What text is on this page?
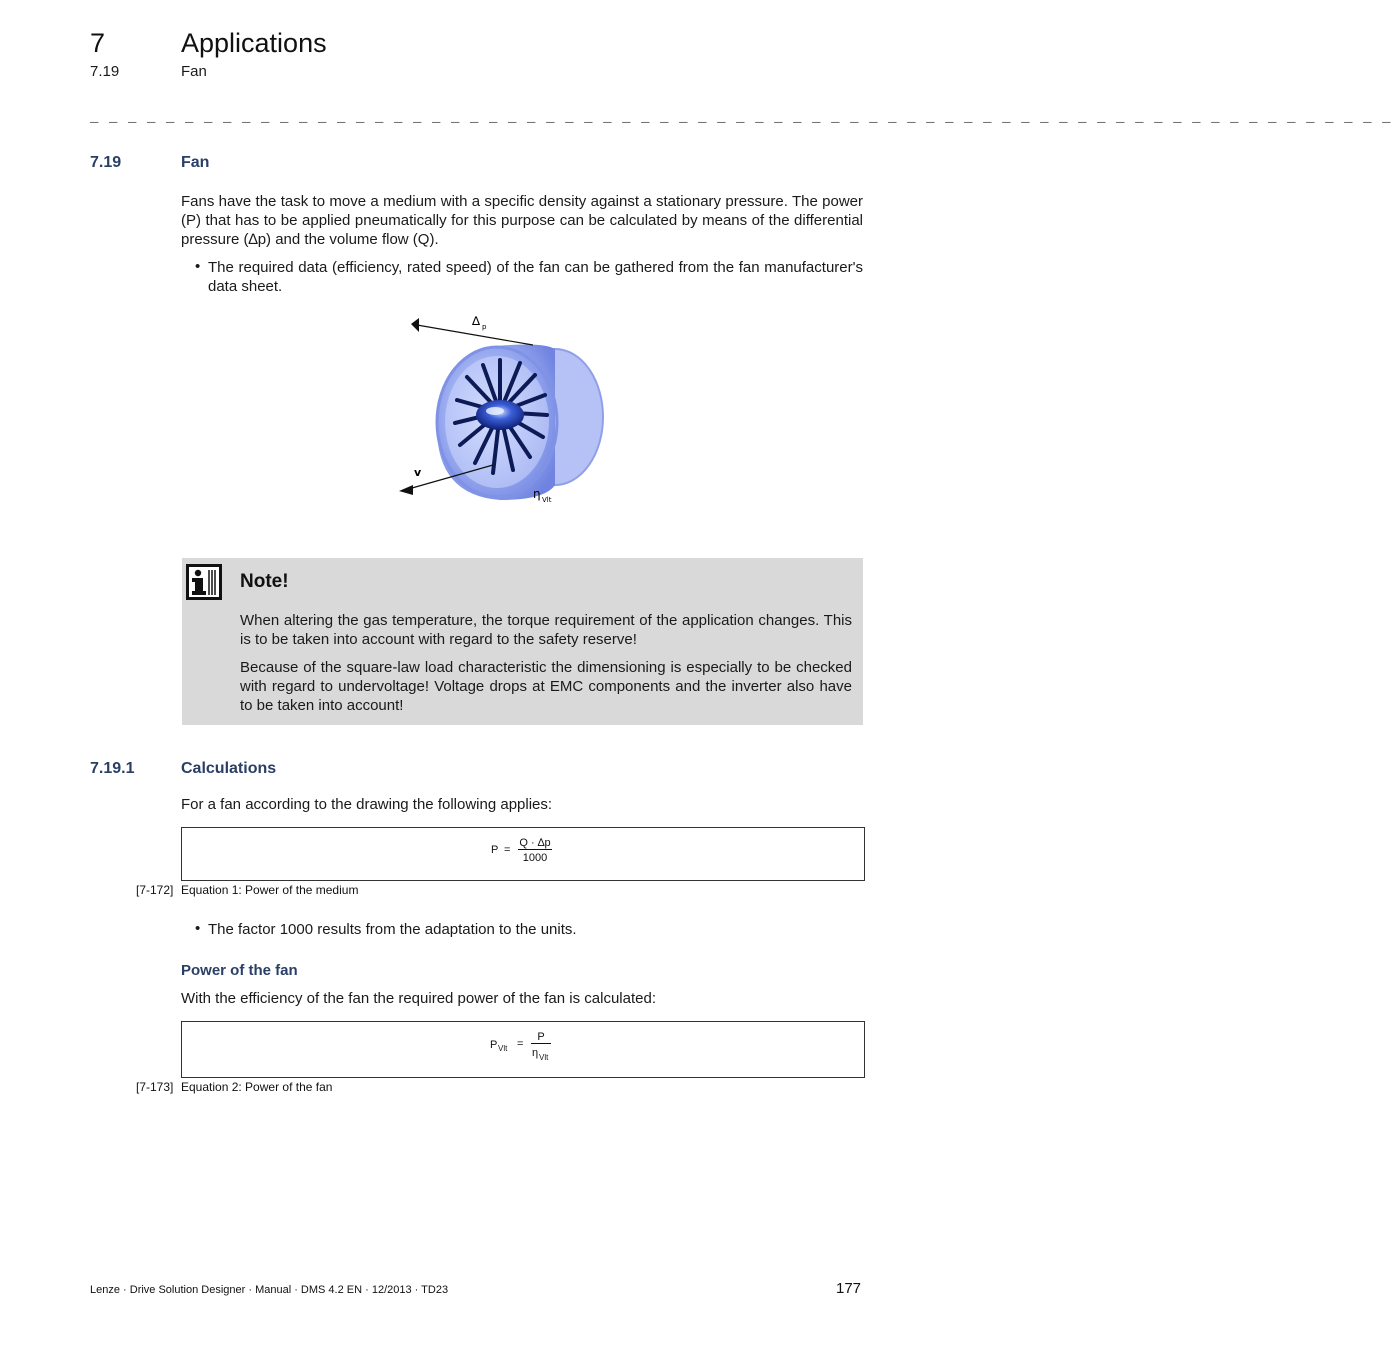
7	Applications
7.19	Fan
_ _ _ _ _ _ _ _ _ _ _ _ _ _ _ _ _ _ _ _ _ _ _ _ _ _ _ _ _ _ _ _ _ _ _ _ _ _ _ _ _ _ _ _ _ _ _ _ _ _ _ _ _ _ _ _ _ _ _ _ _ _ _ _ _ _ _ _ _
7.19	Fan
Fans have the task to move a medium with a specific density against a stationary pressure. The power (P) that has to be applied pneumatically for this purpose can be calculated by means of the differential pressure (∆p) and the volume flow (Q).
• The required data (efficiency, rated speed) of the fan can be gathered from the fan manufacturer's data sheet.
∆ p
v
η Vlt
Note!
When altering the gas temperature, the torque requirement of the application changes. This is to be taken into account with regard to the safety reserve!
Because of the square-law load characteristic the dimensioning is especially to be checked with regard to undervoltage! Voltage drops at EMC components and the inverter also have to be taken into account!
7.19.1	Calculations
For a fan according to the drawing the following applies:
P =
Q · ∆p
1000
[7-172] Equation 1: Power of the medium
• The factor 1000 results from the adaptation to the units.
Power of the fan
With the efficiency of the fan the required power of the fan is calculated:
P Vlt =
P
η Vlt
[7-173] Equation 2: Power of the fan
Lenze · Drive Solution Designer · Manual · DMS 4.2 EN · 12/2013 · TD23	177
